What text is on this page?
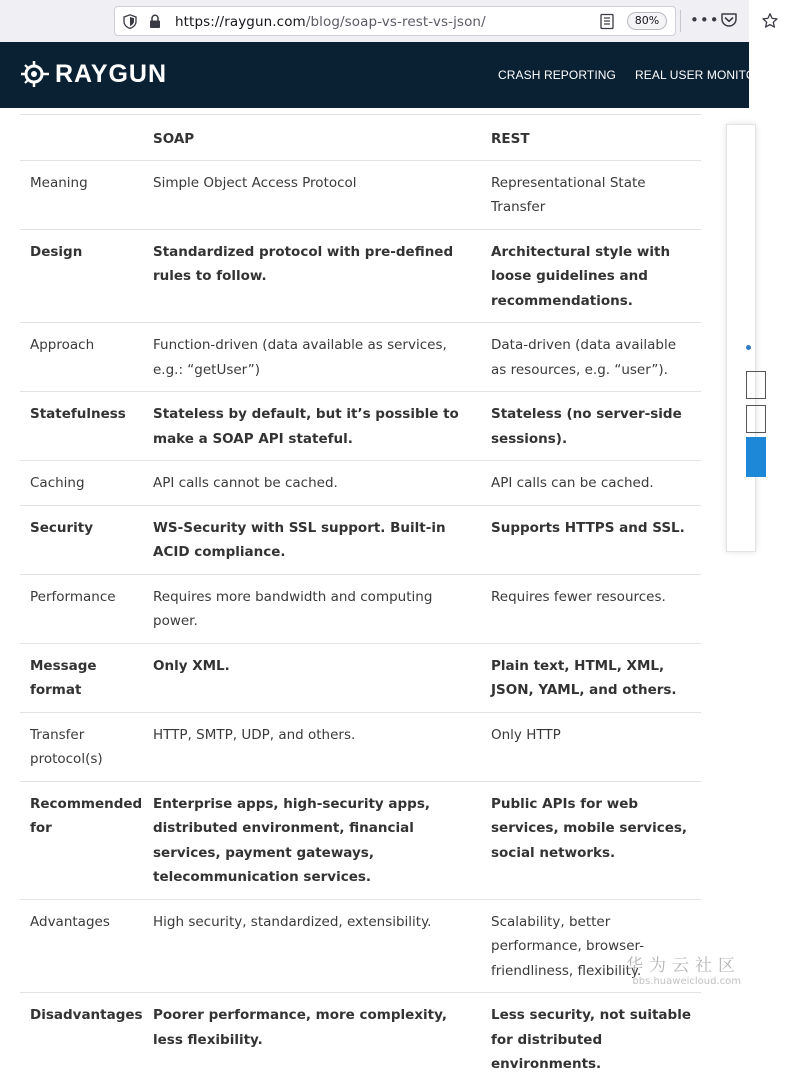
https://raygun.com/blog/soap-vs-rest-vs-json/	80%	•••
RAYGUN	CRASH REPORTING REAL USER MONITORING
	SOAP	REST
Meaning	Simple Object Access Protocol	Representational State Transfer
Design	Standardized protocol with pre-defined rules to follow.	Architectural style with loose guidelines and recommendations.
Approach	Function-driven (data available as services, e.g.: “getUser”)	Data-driven (data available as resources, e.g. “user”).
Statefulness	Stateless by default, but it’s possible to make a SOAP API stateful.	Stateless (no server-side sessions).
Caching	API calls cannot be cached.	API calls can be cached.
Security	WS-Security with SSL support. Built-in ACID compliance.	Supports HTTPS and SSL.
Performance	Requires more bandwidth and computing power.	Requires fewer resources.
Message format	Only XML.	Plain text, HTML, XML, JSON, YAML, and others.
Transfer protocol(s)	HTTP, SMTP, UDP, and others.	Only HTTP
Recommended for	Enterprise apps, high-security apps, distributed environment, financial services, payment gateways, telecommunication services.	Public APIs for web services, mobile services, social networks.
Advantages	High security, standardized, extensibility.	Scalability, better performance, browser-friendliness, flexibility.
Disadvantages	Poorer performance, more complexity, less flexibility.	Less security, not suitable for distributed environments.
华为云社区
bbs.huaweicloud.com
